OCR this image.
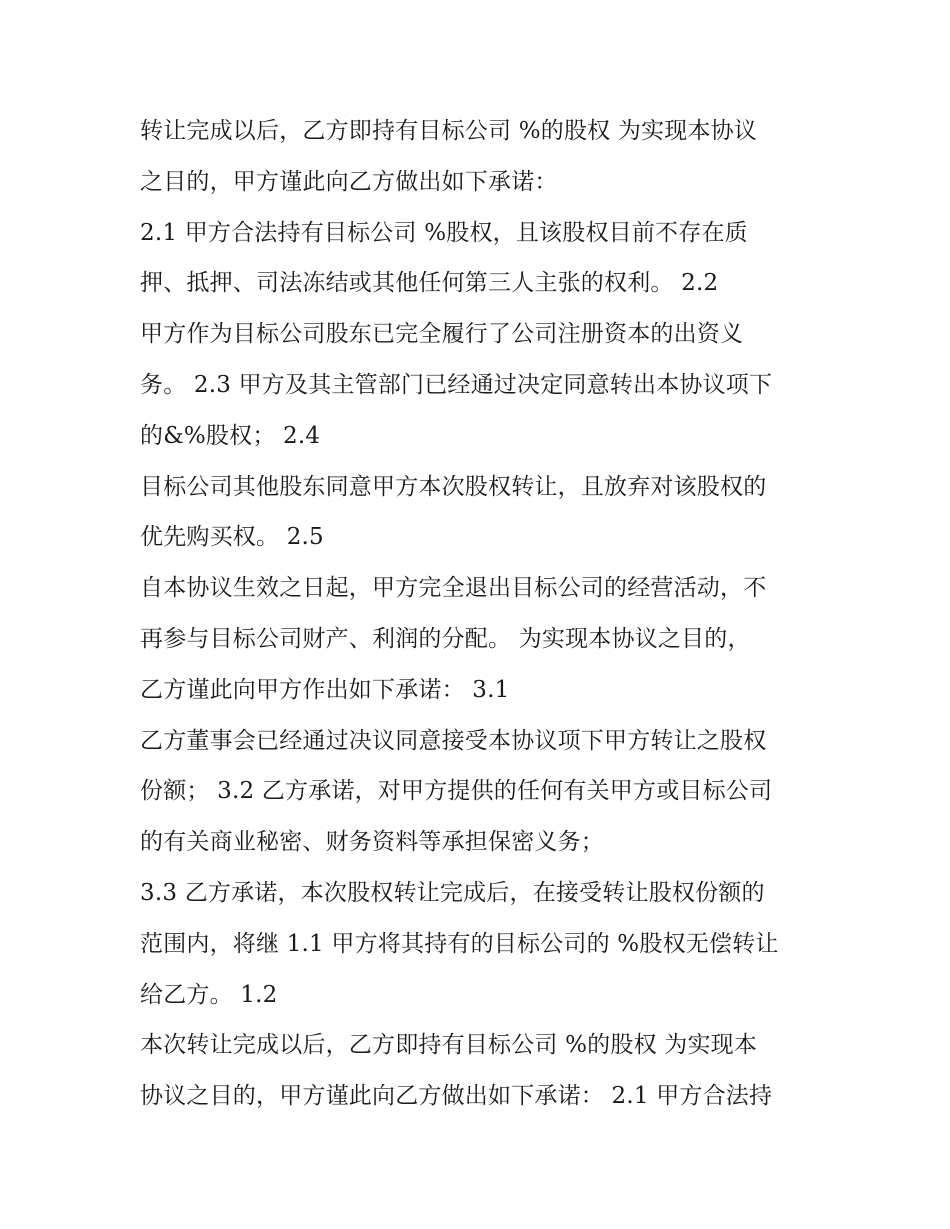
转让完成以后，乙方即持有目标公司 %的股权 为实现本协议
之目的，甲方谨此向乙方做出如下承诺：
2.1 甲方合法持有目标公司 %股权，且该股权目前不存在质
押、抵押、司法冻结或其他任何第三人主张的权利。 2.2
甲方作为目标公司股东已完全履行了公司注册资本的出资义
务。 2.3 甲方及其主管部门已经通过决定同意转出本协议项下
的&%股权； 2.4
目标公司其他股东同意甲方本次股权转让，且放弃对该股权的
优先购买权。 2.5
自本协议生效之日起，甲方完全退出目标公司的经营活动，不
再参与目标公司财产、利润的分配。 为实现本协议之目的，
乙方谨此向甲方作出如下承诺： 3.1
乙方董事会已经通过决议同意接受本协议项下甲方转让之股权
份额； 3.2 乙方承诺，对甲方提供的任何有关甲方或目标公司
的有关商业秘密、财务资料等承担保密义务；
3.3 乙方承诺，本次股权转让完成后，在接受转让股权份额的
范围内，将继 1.1 甲方将其持有的目标公司的 %股权无偿转让
给乙方。 1.2
本次转让完成以后，乙方即持有目标公司 %的股权 为实现本
协议之目的，甲方谨此向乙方做出如下承诺： 2.1 甲方合法持
